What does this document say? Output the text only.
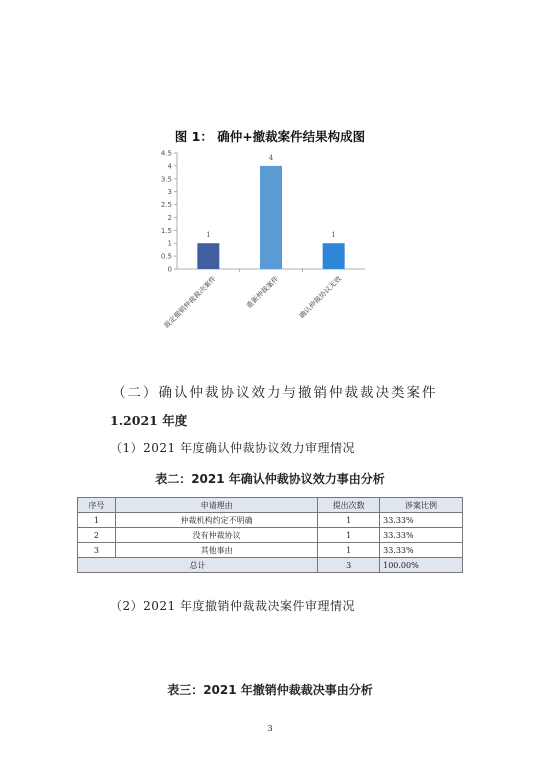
图 1： 确仲+撤裁案件结果构成图
0
0.5
1
1.5
2
2.5
3
3.5
4
4.5
1
裁定撤销仲裁裁决案件
4
重新仲裁案件
1
确认仲裁协议无效
（二）确认仲裁协议效力与撤销仲裁裁决类案件
1.2021 年度
（1）2021 年度确认仲裁协议效力审理情况
表二：2021 年确认仲裁协议效力事由分析
序号	申请理由	提出次数	涉案比例
1	仲裁机构约定不明确	1	33.33%
2	没有仲裁协议	1	33.33%
3	其他事由	1	33.33%
总计		3	100.00%
（2）2021 年度撤销仲裁裁决案件审理情况
表三：2021 年撤销仲裁裁决事由分析
3
